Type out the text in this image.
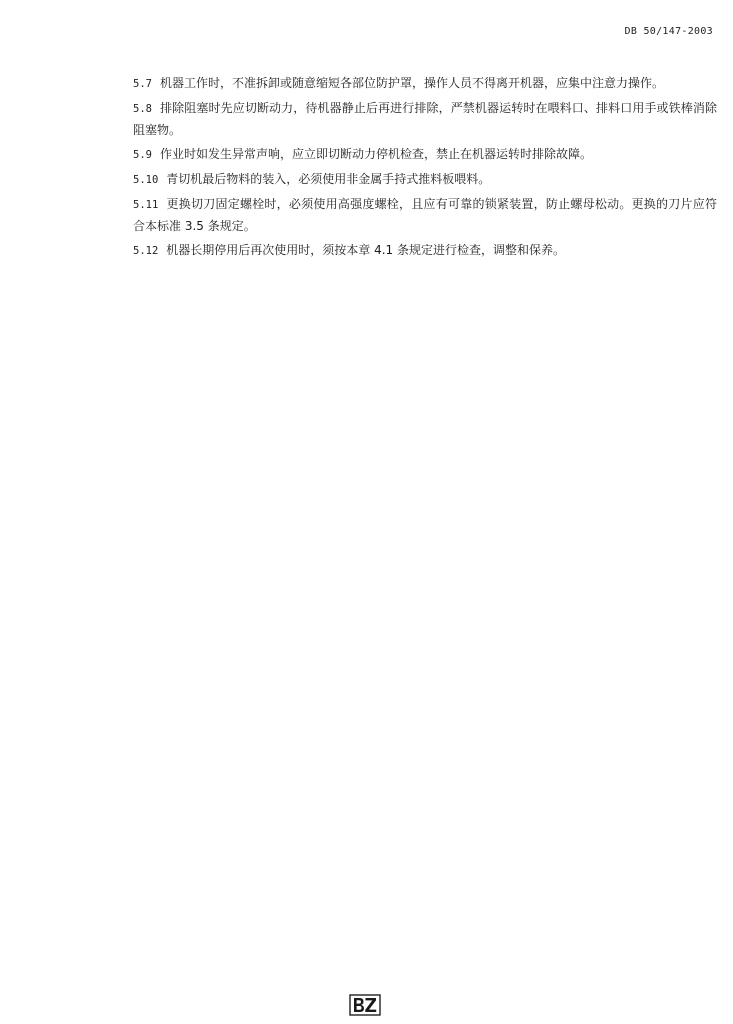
DB 50/147-2003

5.7 机器工作时，不准拆卸或随意缩短各部位防护罩，操作人员不得离开机器，应集中注意力操作。

5.8 排除阻塞时先应切断动力，待机器静止后再进行排除，严禁机器运转时在喂料口、排料口用手或铁棒消除阻塞物。

5.9 作业时如发生异常声响，应立即切断动力停机检查，禁止在机器运转时排除故障。

5.10 青切机最后物料的装入，必须使用非金属手持式推料板喂料。

5.11 更换切刀固定螺栓时，必须使用高强度螺栓，且应有可靠的锁紧装置，防止螺母松动。更换的刀片应符合本标准 3.5 条规定。

5.12 机器长期停用后再次使用时，须按本章 4.1 条规定进行检查，调整和保养。
